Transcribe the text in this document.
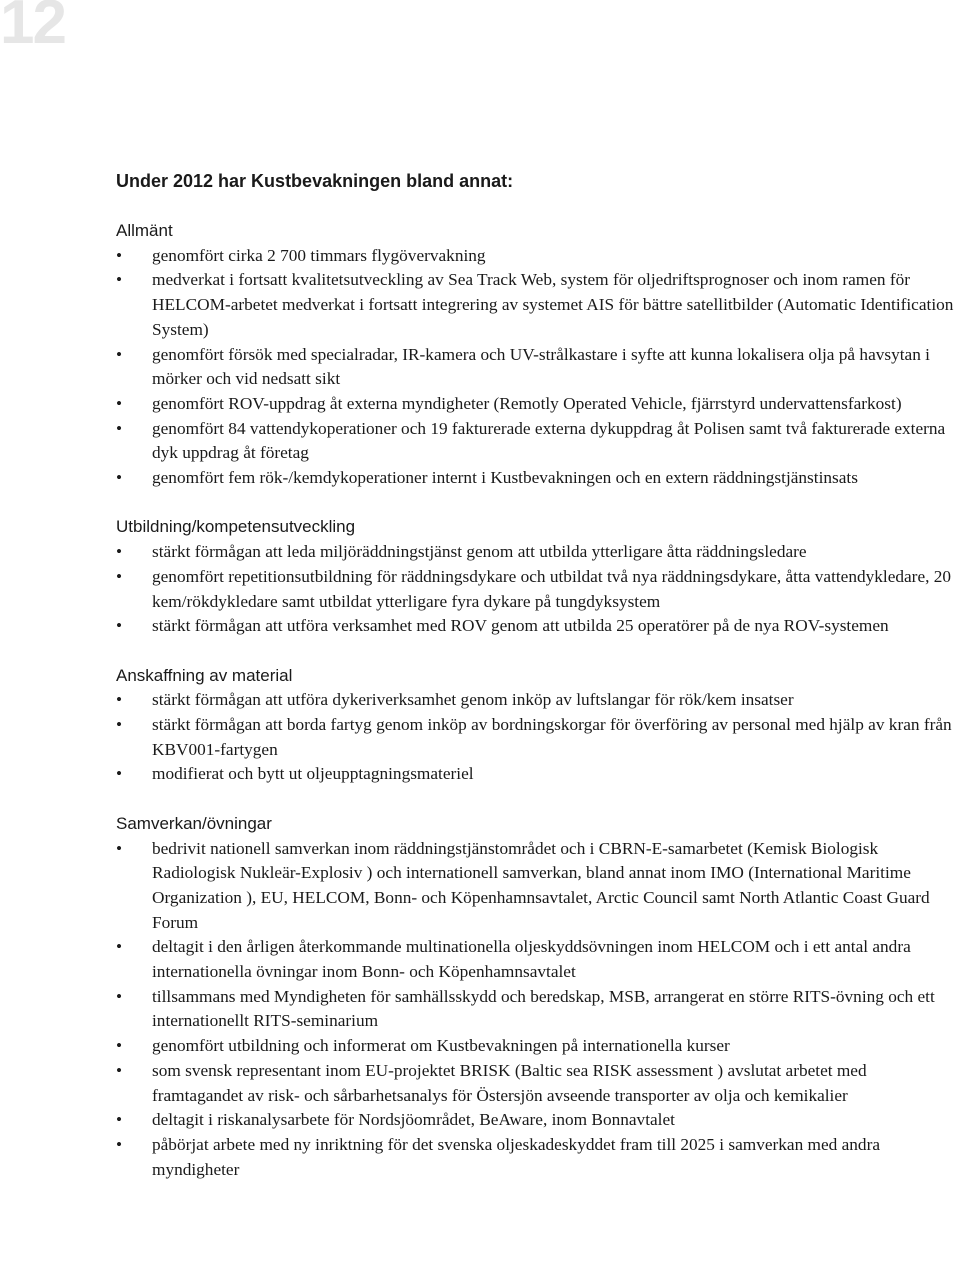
12
Under 2012 har Kustbevakningen bland annat:
Allmänt
• genomfört cirka 2 700 timmars flygövervakning
• medverkat i fortsatt kvalitetsutveckling av Sea Track Web, system för oljedriftsprognoser och inom ramen för HELCOM-arbetet medverkat i fortsatt integrering av systemet AIS för bättre satellitbilder (Automatic Identification System)
• genomfört försök med specialradar, IR-kamera och UV-strålkastare i syfte att kunna lokalisera olja på havsytan i mörker och vid nedsatt sikt
• genomfört ROV-uppdrag åt externa myndigheter (Remotly Operated Vehicle, fjärrstyrd undervattensfarkost)
• genomfört 84 vattendykoperationer och 19 fakturerade externa dykuppdrag åt Polisen samt två fakturerade externa dyk uppdrag åt företag
• genomfört fem rök-/kemdykoperationer internt i Kustbevakningen och en extern räddningstjänstinsats
Utbildning/kompetensutveckling
• stärkt förmågan att leda miljöräddningstjänst genom att utbilda ytterligare åtta räddningsledare
• genomfört repetitionsutbildning för räddningsdykare och utbildat två nya räddningsdykare, åtta vattendykledare, 20 kem/rökdykledare samt utbildat ytterligare fyra dykare på tungdyksystem
• stärkt förmågan att utföra verksamhet med ROV genom att utbilda 25 operatörer på de nya ROV-systemen
Anskaffning av material
• stärkt förmågan att utföra dykeriverksamhet genom inköp av luftslangar för rök/kem insatser
• stärkt förmågan att borda fartyg genom inköp av bordningskorgar för överföring av personal med hjälp av kran från KBV001-fartygen
• modifierat och bytt ut oljeupptagningsmateriel
Samverkan/övningar
• bedrivit nationell samverkan inom räddningstjänstområdet och i CBRN-E-samarbetet (Kemisk Biologisk Radiologisk Nukleär-Explosiv ) och internationell samverkan, bland annat inom IMO (International Maritime Organization ), EU, HELCOM, Bonn- och Köpenhamnsavtalet, Arctic Council samt North Atlantic Coast Guard Forum
• deltagit i den årligen återkommande multinationella oljeskyddsövningen inom HELCOM och i ett antal andra internationella övningar inom Bonn- och Köpenhamnsavtalet
• tillsammans med Myndigheten för samhällsskydd och beredskap, MSB, arrangerat en större RITS-övning och ett internationellt RITS-seminarium
• genomfört utbildning och informerat om Kustbevakningen på internationella kurser
• som svensk representant inom EU-projektet BRISK (Baltic sea RISK assessment ) avslutat arbetet med framtagandet av risk- och sårbarhetsanalys för Östersjön avseende transporter av olja och kemikalier
• deltagit i riskanalysarbete för Nordsjöområdet, BeAware, inom Bonnavtalet
• påbörjat arbete med ny inriktning för det svenska oljeskadeskyddet fram till 2025 i samverkan med andra myndigheter
